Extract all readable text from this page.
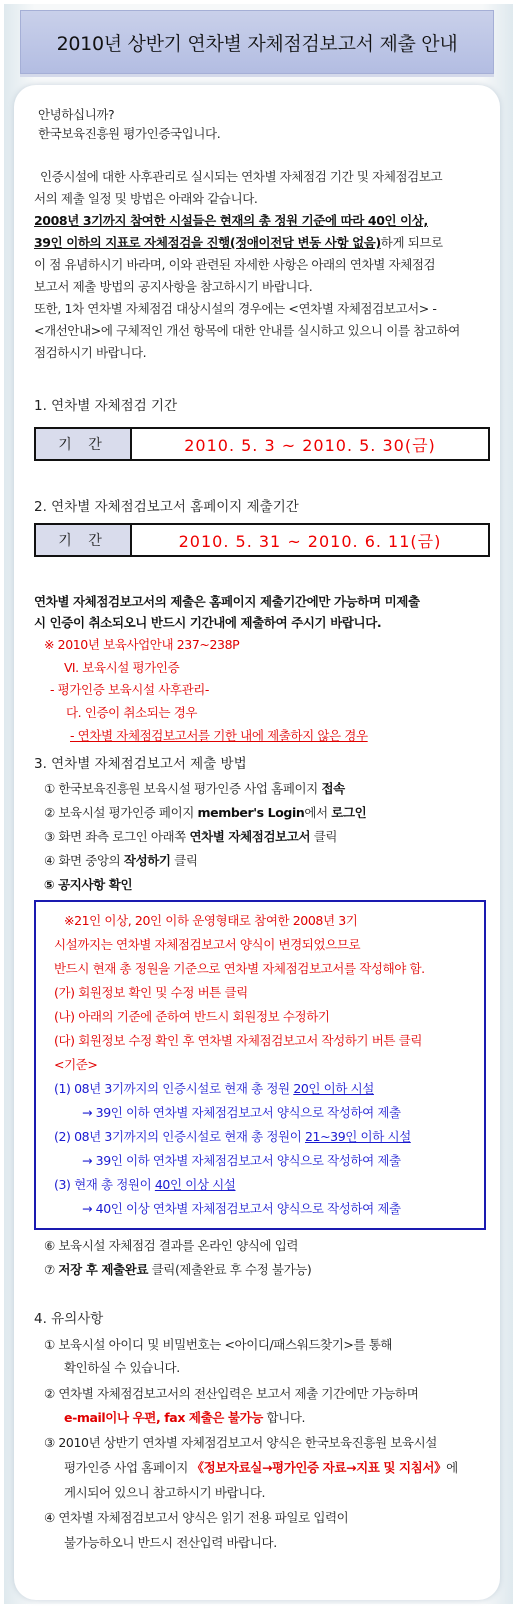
2010년 상반기 연차별 자체점검보고서 제출 안내
안녕하십니까?
한국보육진흥원 평가인증국입니다.
인증시설에 대한 사후관리로 실시되는 연차별 자체점검 기간 및 자체점검보고
서의 제출 일정 및 방법은 아래와 같습니다.
2008년 3기까지 참여한 시설들은 현재의 총 정원 기준에 따라 40인 이상,
39인 이하의 지표로 자체점검을 진행(정애이전담 변동 사항 없음)하게 되므로
이 점 유념하시기 바라며, 이와 관련된 자세한 사항은 아래의 연차별 자체점검
보고서 제출 방법의 공지사항을 참고하시기 바랍니다.
또한, 1차 연차별 자체점검 대상시설의 경우에는 <연차별 자체점검보고서> -
<개선안내>에 구체적인 개선 항목에 대한 안내를 실시하고 있으니 이를 참고하여
점검하시기 바랍니다.
1. 연차별 자체점검 기간
기 간	2010. 5. 3 ~ 2010. 5. 30(금)
2. 연차별 자체점검보고서 홈페이지 제출기간
기 간	2010. 5. 31 ~ 2010. 6. 11(금)
연차별 자체점검보고서의 제출은 홈페이지 제출기간에만 가능하며 미제출
시 인증이 취소되오니 반드시 기간내에 제출하여 주시기 바랍니다.
※ 2010년 보육사업안내 237~238P
Ⅵ. 보육시설 평가인증
- 평가인증 보육시설 사후관리-
다. 인증이 취소되는 경우
- 연차별 자체점검보고서를 기한 내에 제출하지 않은 경우
3. 연차별 자체점검보고서 제출 방법
① 한국보육진흥원 보육시설 평가인증 사업 홈페이지 접속
② 보육시설 평가인증 페이지 member's Login에서 로그인
③ 화면 좌측 로그인 아래쪽 연차별 자체점검보고서 클릭
④ 화면 중앙의 작성하기 클릭
⑤ 공지사항 확인
※21인 이상, 20인 이하 운영형태로 참여한 2008년 3기
시설까지는 연차별 자체점검보고서 양식이 변경되었으므로
반드시 현재 총 정원을 기준으로 연차별 자체점검보고서를 작성해야 함.
(가) 회원정보 확인 및 수정 버튼 클릭
(나) 아래의 기준에 준하여 반드시 회원정보 수정하기
(다) 회원정보 수정 확인 후 연차별 자체점검보고서 작성하기 버튼 클릭
<기준>
(1) 08년 3기까지의 인증시설로 현재 총 정원 20인 이하 시설
→ 39인 이하 연차별 자체점검보고서 양식으로 작성하여 제출
(2) 08년 3기까지의 인증시설로 현재 총 정원이 21~39인 이하 시설
→ 39인 이하 연차별 자체점검보고서 양식으로 작성하여 제출
(3) 현재 총 정원이 40인 이상 시설
→ 40인 이상 연차별 자체점검보고서 양식으로 작성하여 제출
⑥ 보육시설 자체점검 결과를 온라인 양식에 입력
⑦ 저장 후 제출완료 클릭(제출완료 후 수정 불가능)
4. 유의사항
① 보육시설 아이디 및 비밀번호는 <아이디/패스워드찾기>를 통해
확인하실 수 있습니다.
② 연차별 자체점검보고서의 전산입력은 보고서 제출 기간에만 가능하며
e-mail이나 우편, fax 제출은 불가능 합니다.
③ 2010년 상반기 연차별 자체점검보고서 양식은 한국보육진흥원 보육시설
평가인증 사업 홈페이지 《정보자료실→평가인증 자료→지표 및 지침서》에
게시되어 있으니 참고하시기 바랍니다.
④ 연차별 자체점검보고서 양식은 읽기 전용 파일로 입력이
불가능하오니 반드시 전산입력 바랍니다.
